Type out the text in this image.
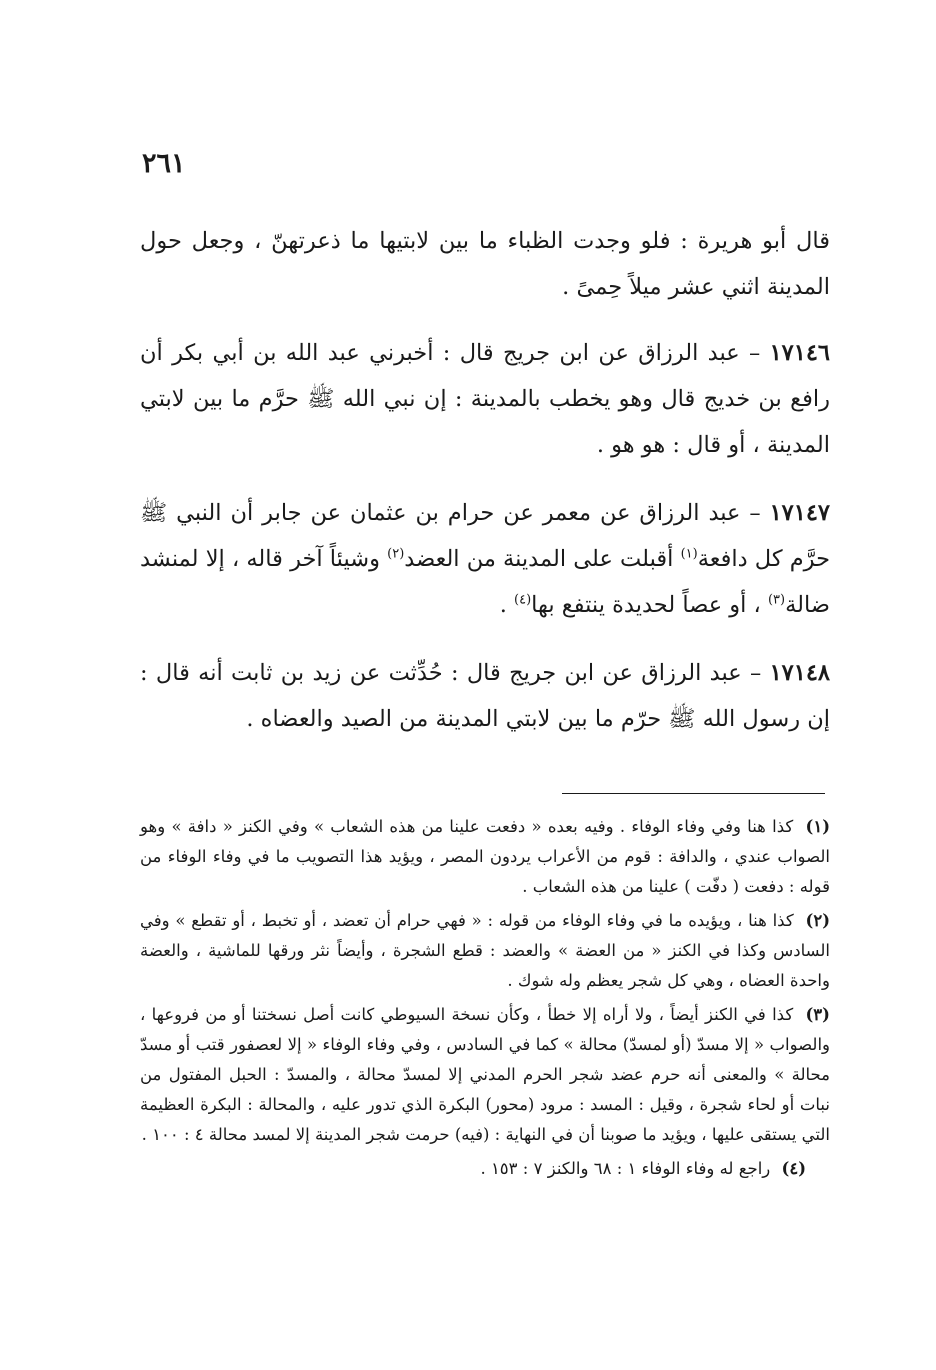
٢٦١

قال أبو هريرة : فلو وجدت الظباء ما بين لابتيها ما ذعرتهنّ ، وجعل حول المدينة اثني عشر ميلاً حِمىً .

١٧١٤٦ – عبد الرزاق عن ابن جريج قال : أخبرني عبد الله بن أبي بكر أن رافع بن خديج قال وهو يخطب بالمدينة : إن نبي الله ﷺ حرَّم ما بين لابتي المدينة ، أو قال : هو هو .

١٧١٤٧ – عبد الرزاق عن معمر عن حرام بن عثمان عن جابر أن النبي ﷺ حرَّم كل دافعة$^{(١)}$ أقبلت على المدينة من العضد$^{(٢)}$ وشيئاً آخر قاله ، إلا لمنشد ضالة$^{(٣)}$ ، أو عصاً لحديدة ينتفع بها$^{(٤)}$ .

١٧١٤٨ – عبد الرزاق عن ابن جريج قال : حُدِّثت عن زيد بن ثابت أنه قال : إن رسول الله ﷺ حرّم ما بين لابتي المدينة من الصيد والعضاه .

(١) كذا هنا وفي وفاء الوفاء . وفيه بعده « دفعت علينا من هذه الشعاب » وفي الكنز « دافة » وهو الصواب عندي ، والدافة : قوم من الأعراب يردون المصر ، ويؤيد هذا التصويب ما في وفاء الوفاء من قوله : دفعت ( دفّت ) علينا من هذه الشعاب .

(٢) كذا هنا ، ويؤيده ما في وفاء الوفاء من قوله : « فهي حرام أن تعضد ، أو تخبط ، أو تقطع » وفي السادس وكذا في الكنز « من العضة » والعضد : قطع الشجرة ، وأيضاً نثر ورقها للماشية ، والعضة واحدة العضاه ، وهي كل شجر يعظم وله شوك .

(٣) كذا في الكنز أيضاً ، ولا أراه إلا خطأ ، وكأن نسخة السيوطي كانت أصل نسختنا أو من فروعها ، والصواب « إلا مسدّ (أو لمسدّ) محالة » كما في السادس ، وفي وفاء الوفاء « إلا لعصفور قتب أو مسدّ محالة » والمعنى أنه حرم عضد شجر الحرم المدني إلا لمسدّ محالة ، والمسدّ : الحبل المفتول من نبات أو لحاء شجرة ، وقيل : المسد : مرود (محور) البكرة الذي تدور عليه ، والمحالة : البكرة العظيمة التي يستقى عليها ، ويؤيد ما صوبنا أن في النهاية : (فيه) حرمت شجر المدينة إلا لمسد محالة ٤ : ١٠٠ .

(٤) راجع له وفاء الوفاء ١ : ٦٨ والكنز ٧ : ١٥٣ .
